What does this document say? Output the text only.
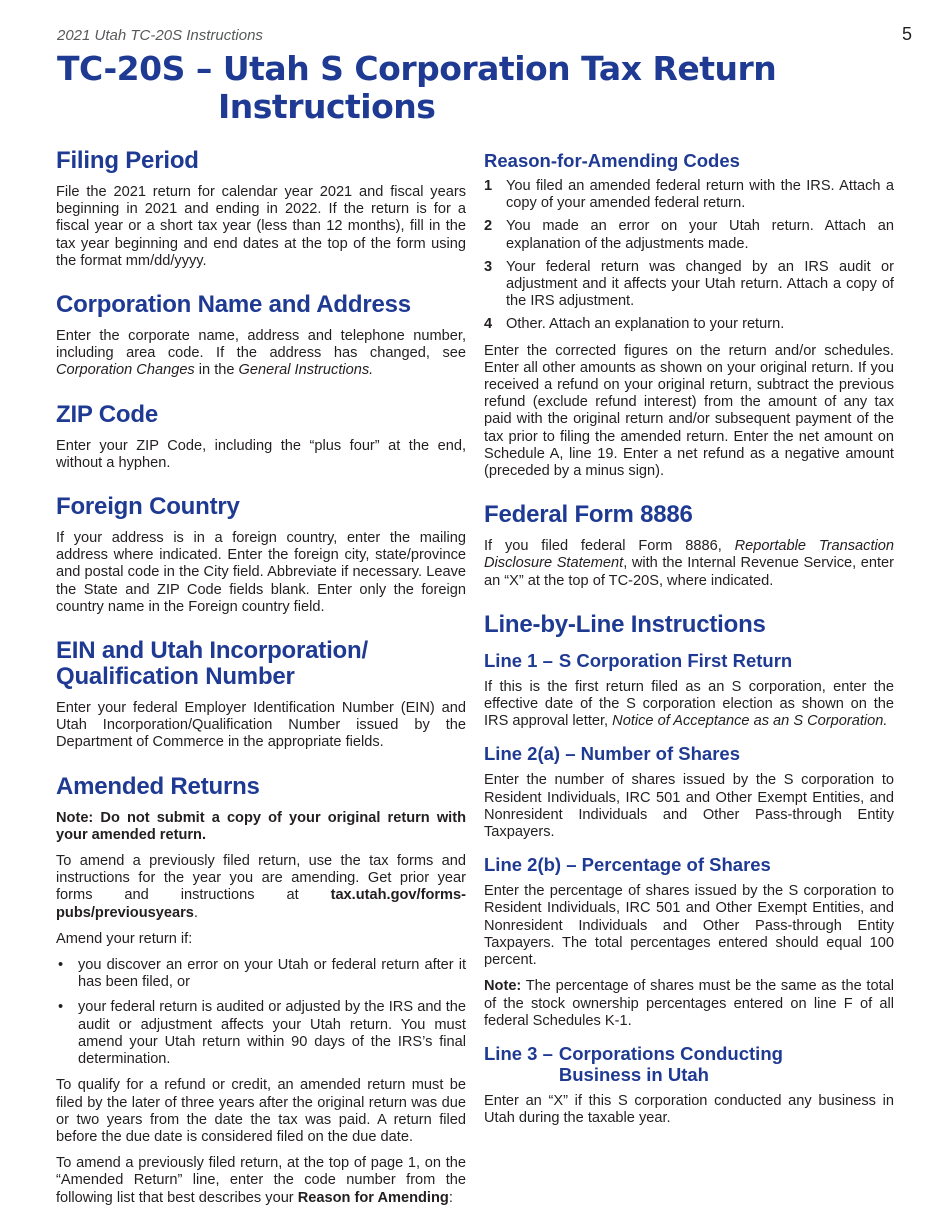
2021 Utah TC-20S Instructions	5
TC-20S – Utah S Corporation Tax Return
Instructions
Filing Period

File the 2021 return for calendar year 2021 and fiscal years beginning in 2021 and ending in 2022. If the return is for a fiscal year or a short tax year (less than 12 months), fill in the tax year beginning and end dates at the top of the form using the format mm/dd/yyyy.

Corporation Name and Address

Enter the corporate name, address and telephone number, including area code. If the address has changed, see Corporation Changes in the General Instructions.

ZIP Code

Enter your ZIP Code, including the “plus four” at the end, without a hyphen.

Foreign Country

If your address is in a foreign country, enter the mailing address where indicated. Enter the foreign city, state/province and postal code in the City field. Abbreviate if necessary. Leave the State and ZIP Code fields blank. Enter only the foreign country name in the Foreign country field.

EIN and Utah Incorporation/
Qualification Number

Enter your federal Employer Identification Number (EIN) and Utah Incorporation/Qualification Number issued by the Department of Commerce in the appropriate fields.

Amended Returns

Note: Do not submit a copy of your original return with your amended return.

To amend a previously filed return, use the tax forms and instructions for the year you are amending. Get prior year forms and instructions at tax.utah.gov/forms-pubs/previousyears.

Amend your return if:

• you discover an error on your Utah or federal return after it has been filed, or
• your federal return is audited or adjusted by the IRS and the audit or adjustment affects your Utah return. You must amend your Utah return within 90 days of the IRS’s final determination.

To qualify for a refund or credit, an amended return must be filed by the later of three years after the original return was due or two years from the date the tax was paid. A return filed before the due date is considered filed on the due date.

To amend a previously filed return, at the top of page 1, on the “Amended Return” line, enter the code number from the following list that best describes your Reason for Amending:

Reason-for-Amending Codes
1 You filed an amended federal return with the IRS. Attach a copy of your amended federal return.
2 You made an error on your Utah return. Attach an explanation of the adjustments made.
3 Your federal return was changed by an IRS audit or adjustment and it affects your Utah return. Attach a copy of the IRS adjustment.
4 Other. Attach an explanation to your return.

Enter the corrected figures on the return and/or schedules. Enter all other amounts as shown on your original return. If you received a refund on your original return, subtract the previous refund (exclude refund interest) from the amount of any tax paid with the original return and/or subsequent payment of the tax prior to filing the amended return. Enter the net amount on Schedule A, line 19. Enter a net refund as a negative amount (preceded by a minus sign).

Federal Form 8886

If you filed federal Form 8886, Reportable Transaction Disclosure Statement, with the Internal Revenue Service, enter an “X” at the top of TC-20S, where indicated.

Line-by-Line Instructions
Line 1 – S Corporation First Return

If this is the first return filed as an S corporation, enter the effective date of the S corporation election as shown on the IRS approval letter, Notice of Acceptance as an S Corporation.

Line 2(a) – Number of Shares

Enter the number of shares issued by the S corporation to Resident Individuals, IRC 501 and Other Exempt Entities, and Nonresident Individuals and Other Pass-through Entity Taxpayers.

Line 2(b) – Percentage of Shares

Enter the percentage of shares issued by the S corporation to Resident Individuals, IRC 501 and Other Exempt Entities, and Nonresident Individuals and Other Pass-through Entity Taxpayers. The total percentages entered should equal 100 percent.

Note: The percentage of shares must be the same as the total of the stock ownership percentages entered on line F of all federal Schedules K-1.

Line 3 – Corporations Conducting
Business in Utah

Enter an “X” if this S corporation conducted any business in Utah during the taxable year.
